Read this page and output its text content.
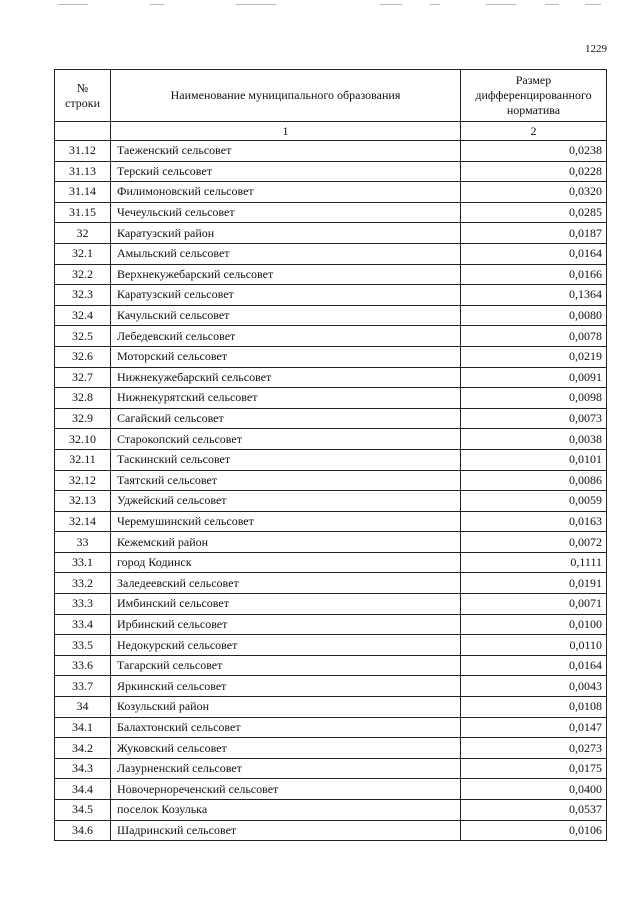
1229
№ строки	Наименование муниципального образования	Размер дифференцированного норматива
	1	2
31.12	Таеженский сельсовет	0,0238
31.13	Терский сельсовет	0,0228
31.14	Филимоновский сельсовет	0,0320
31.15	Чечеульский сельсовет	0,0285
32	Каратузский район	0,0187
32.1	Амыльский сельсовет	0,0164
32.2	Верхнекужебарский сельсовет	0,0166
32.3	Каратузский сельсовет	0,1364
32.4	Качульский сельсовет	0,0080
32.5	Лебедевский сельсовет	0,0078
32.6	Моторский сельсовет	0,0219
32.7	Нижнекужебарский сельсовет	0,0091
32.8	Нижнекурятский сельсовет	0,0098
32.9	Сагайский сельсовет	0,0073
32.10	Старокопский сельсовет	0,0038
32.11	Таскинский сельсовет	0,0101
32.12	Таятский сельсовет	0,0086
32.13	Уджейский сельсовет	0,0059
32.14	Черемушинский сельсовет	0,0163
33	Кежемский район	0,0072
33.1	город Кодинск	0,1111
33.2	Заледеевский сельсовет	0,0191
33.3	Имбинский сельсовет	0,0071
33.4	Ирбинский сельсовет	0,0100
33.5	Недокурский сельсовет	0,0110
33.6	Тагарский сельсовет	0,0164
33.7	Яркинский сельсовет	0,0043
34	Козульский район	0,0108
34.1	Балахтонский сельсовет	0,0147
34.2	Жуковский сельсовет	0,0273
34.3	Лазурненский сельсовет	0,0175
34.4	Новочернореченский сельсовет	0,0400
34.5	поселок Козулька	0,0537
34.6	Шадринский сельсовет	0,0106
